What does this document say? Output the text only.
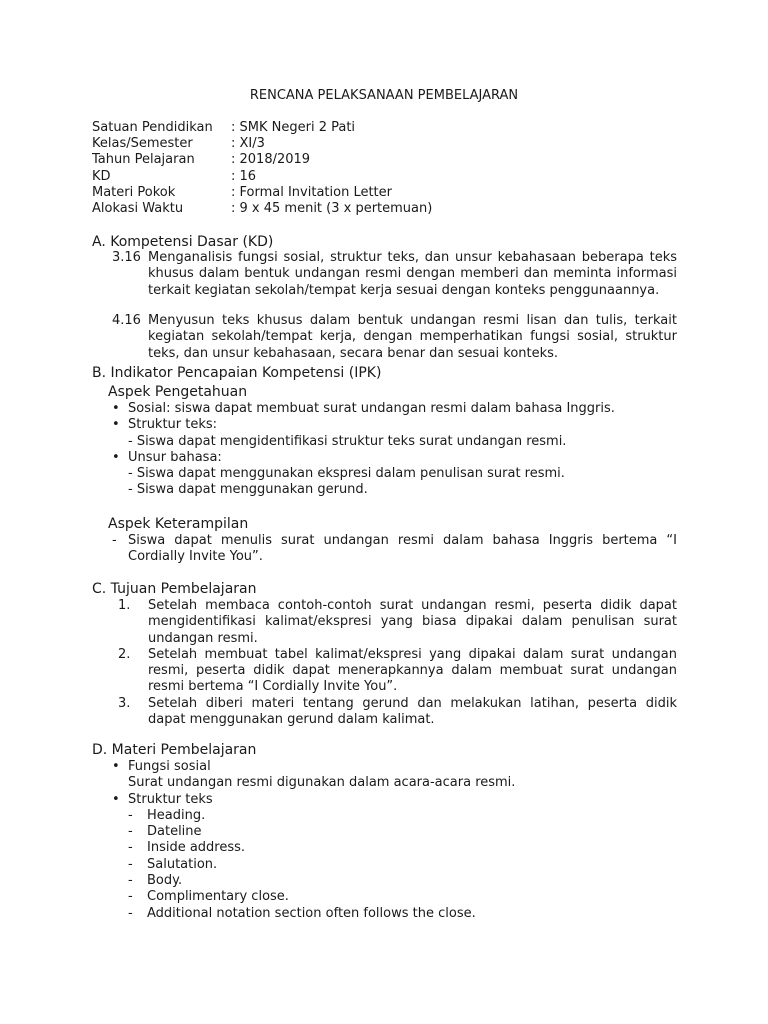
RENCANA PELAKSANAAN PEMBELAJARAN
Satuan Pendidikan	: SMK Negeri 2 Pati
Kelas/Semester	: XI/3
Tahun Pelajaran	: 2018/2019
KD	: 16
Materi Pokok	: Formal Invitation Letter
Alokasi Waktu	: 9 x 45 menit (3 x pertemuan)
A. Kompetensi Dasar (KD)
3.16 Menganalisis fungsi sosial, struktur teks, dan unsur kebahasaan beberapa teks khusus dalam bentuk undangan resmi dengan memberi dan meminta informasi terkait kegiatan sekolah/tempat kerja sesuai dengan konteks penggunaannya.
4.16 Menyusun teks khusus dalam bentuk undangan resmi lisan dan tulis, terkait kegiatan sekolah/tempat kerja, dengan memperhatikan fungsi sosial, struktur teks, dan unsur kebahasaan, secara benar dan sesuai konteks.
B. Indikator Pencapaian Kompetensi (IPK)
Aspek Pengetahuan
• Sosial: siswa dapat membuat surat undangan resmi dalam bahasa Inggris.
• Struktur teks:
- Siswa dapat mengidentifikasi struktur teks surat undangan resmi.
• Unsur bahasa:
- Siswa dapat menggunakan ekspresi dalam penulisan surat resmi.
- Siswa dapat menggunakan gerund.
Aspek Keterampilan
- Siswa dapat menulis surat undangan resmi dalam bahasa Inggris bertema “I Cordially Invite You”.
C. Tujuan Pembelajaran
1.	Setelah membaca contoh-contoh surat undangan resmi, peserta didik dapat mengidentifikasi kalimat/ekspresi yang biasa dipakai dalam penulisan surat undangan resmi.
2.	Setelah membuat tabel kalimat/ekspresi yang dipakai dalam surat undangan resmi, peserta didik dapat menerapkannya dalam membuat surat undangan resmi bertema “I Cordially Invite You”.
3.	Setelah diberi materi tentang gerund dan melakukan latihan, peserta didik dapat menggunakan gerund dalam kalimat.
D. Materi Pembelajaran
• Fungsi sosial
Surat undangan resmi digunakan dalam acara-acara resmi.
• Struktur teks
-	Heading.
-	Dateline
-	Inside address.
-	Salutation.
-	Body.
-	Complimentary close.
-	Additional notation section often follows the close.
